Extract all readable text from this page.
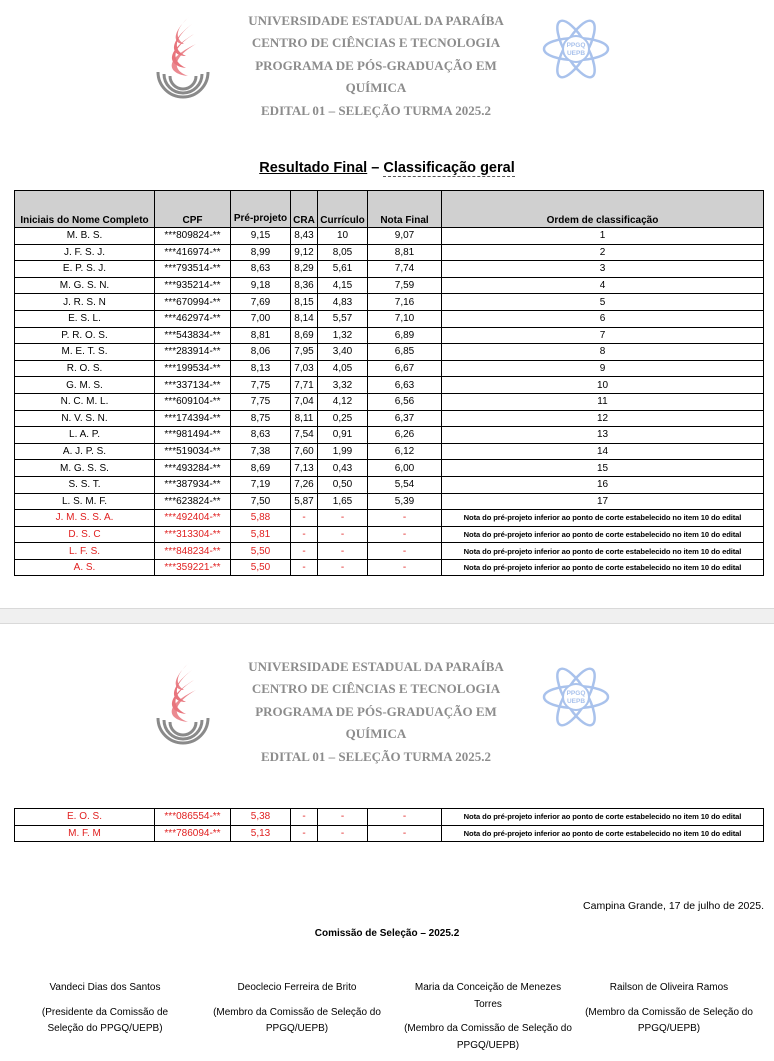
UNIVERSIDADE ESTADUAL DA PARAÍBA
CENTRO DE CIÊNCIAS E TECNOLOGIA
PROGRAMA DE PÓS-GRADUAÇÃO EM
QUÍMICA
EDITAL 01 – SELEÇÃO TURMA 2025.2
PPGQ
UEPB
Resultado Final – Classificação geral
Iniciais do Nome Completo	CPF	Pré-projeto	CRA	Currículo	Nota Final	Ordem de classificação
M. B. S.	***809824-**	9,15	8,43	10	9,07	1
J. F. S. J.	***416974-**	8,99	9,12	8,05	8,81	2
E. P. S. J.	***793514-**	8,63	8,29	5,61	7,74	3
M. G. S. N.	***935214-**	9,18	8,36	4,15	7,59	4
J. R. S. N	***670994-**	7,69	8,15	4,83	7,16	5
E. S. L.	***462974-**	7,00	8,14	5,57	7,10	6
P. R. O. S.	***543834-**	8,81	8,69	1,32	6,89	7
M. E. T. S.	***283914-**	8,06	7,95	3,40	6,85	8
R. O. S.	***199534-**	8,13	7,03	4,05	6,67	9
G. M. S.	***337134-**	7,75	7,71	3,32	6,63	10
N. C. M. L.	***609104-**	7,75	7,04	4,12	6,56	11
N. V. S. N.	***174394-**	8,75	8,11	0,25	6,37	12
L. A. P.	***981494-**	8,63	7,54	0,91	6,26	13
A. J. P. S.	***519034-**	7,38	7,60	1,99	6,12	14
M. G. S. S.	***493284-**	8,69	7,13	0,43	6,00	15
S. S. T.	***387934-**	7,19	7,26	0,50	5,54	16
L. S. M. F.	***623824-**	7,50	5,87	1,65	5,39	17
J. M. S. S. A.	***492404-**	5,88	-	-	-	Nota do pré-projeto inferior ao ponto de corte estabelecido no item 10 do edital
D. S. C	***313304-**	5,81	-	-	-	Nota do pré-projeto inferior ao ponto de corte estabelecido no item 10 do edital
L. F. S.	***848234-**	5,50	-	-	-	Nota do pré-projeto inferior ao ponto de corte estabelecido no item 10 do edital
A. S.	***359221-**	5,50	-	-	-	Nota do pré-projeto inferior ao ponto de corte estabelecido no item 10 do edital
UNIVERSIDADE ESTADUAL DA PARAÍBA
CENTRO DE CIÊNCIAS E TECNOLOGIA
PROGRAMA DE PÓS-GRADUAÇÃO EM
QUÍMICA
EDITAL 01 – SELEÇÃO TURMA 2025.2
PPGQ
UEPB
E. O. S.	***086554-**	5,38	-	-	-	Nota do pré-projeto inferior ao ponto de corte estabelecido no item 10 do edital
M. F. M	***786094-**	5,13	-	-	-	Nota do pré-projeto inferior ao ponto de corte estabelecido no item 10 do edital
Campina Grande, 17 de julho de 2025.
Comissão de Seleção – 2025.2
Vandeci Dias dos Santos
(Presidente da Comissão de Seleção do PPGQ/UEPB)
Deoclecio Ferreira de Brito
(Membro da Comissão de Seleção do PPGQ/UEPB)
Maria da Conceição de Menezes Torres
(Membro da Comissão de Seleção do PPGQ/UEPB)
Railson de Oliveira Ramos
(Membro da Comissão de Seleção do PPGQ/UEPB)
